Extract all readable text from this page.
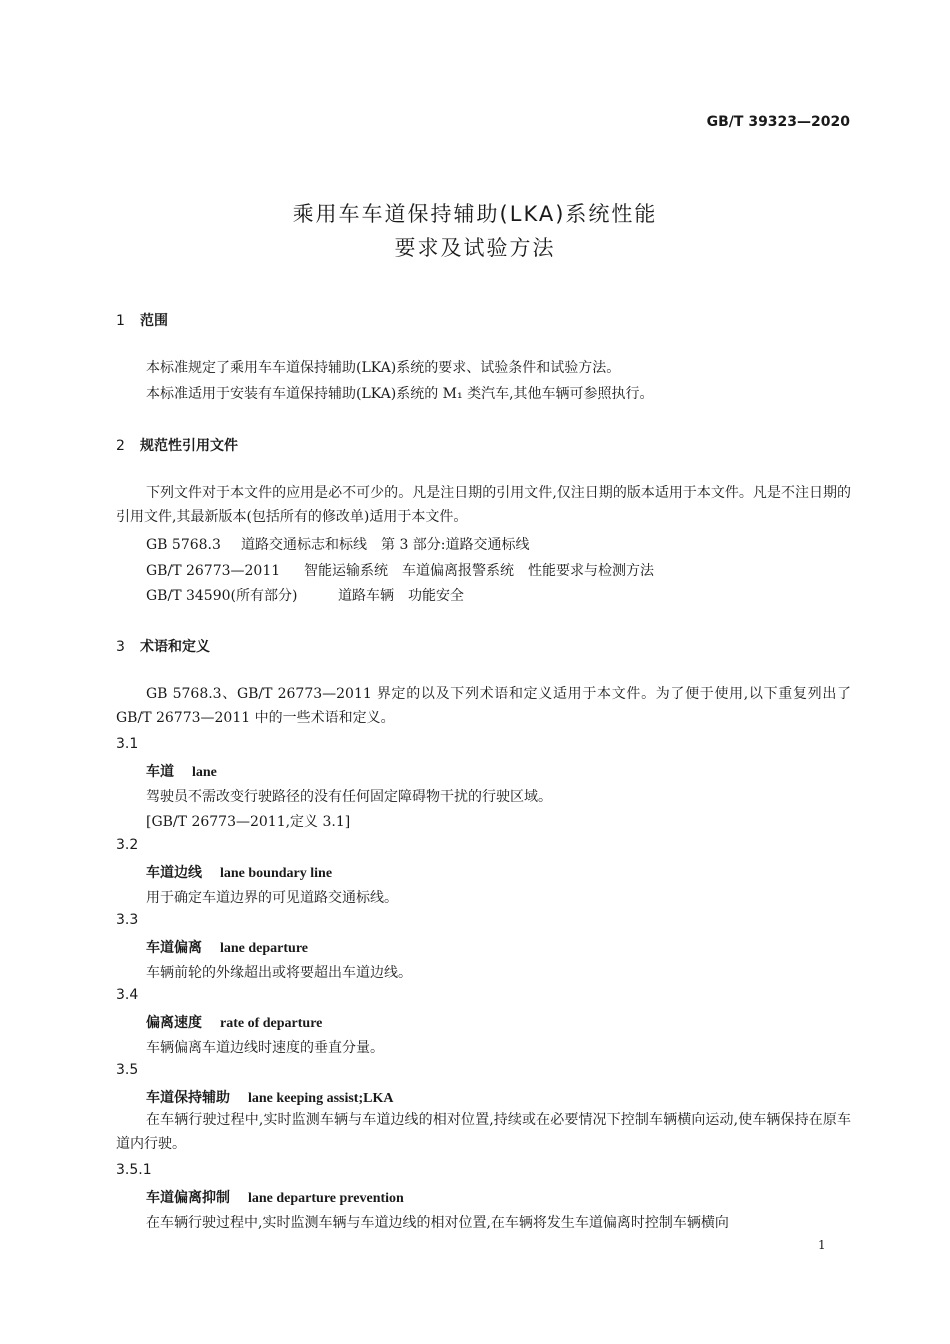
GB/T 39323—2020
乘用车车道保持辅助(LKA)系统性能
要求及试验方法
1 范围
本标准规定了乘用车车道保持辅助(LKA)系统的要求、试验条件和试验方法。
本标准适用于安装有车道保持辅助(LKA)系统的 M₁ 类汽车,其他车辆可参照执行。
2 规范性引用文件
下列文件对于本文件的应用是必不可少的。凡是注日期的引用文件,仅注日期的版本适用于本文件。凡是不注日期的引用文件,其最新版本(包括所有的修改单)适用于本文件。
GB 5768.3 道路交通标志和标线　第 3 部分:道路交通标线
GB/T 26773—2011 智能运输系统　车道偏离报警系统　性能要求与检测方法
GB/T 34590(所有部分)	道路车辆　功能安全
3 术语和定义
GB 5768.3、GB/T 26773—2011 界定的以及下列术语和定义适用于本文件。为了便于使用,以下重复列出了 GB/T 26773—2011 中的一些术语和定义。
3.1
车道 lane
驾驶员不需改变行驶路径的没有任何固定障碍物干扰的行驶区域。
[GB/T 26773—2011,定义 3.1]
3.2
车道边线 lane boundary line
用于确定车道边界的可见道路交通标线。
3.3
车道偏离 lane departure
车辆前轮的外缘超出或将要超出车道边线。
3.4
偏离速度 rate of departure
车辆偏离车道边线时速度的垂直分量。
3.5
车道保持辅助 lane keeping assist;LKA
在车辆行驶过程中,实时监测车辆与车道边线的相对位置,持续或在必要情况下控制车辆横向运动,使车辆保持在原车道内行驶。
3.5.1
车道偏离抑制 lane departure prevention
在车辆行驶过程中,实时监测车辆与车道边线的相对位置,在车辆将发生车道偏离时控制车辆横向
1
